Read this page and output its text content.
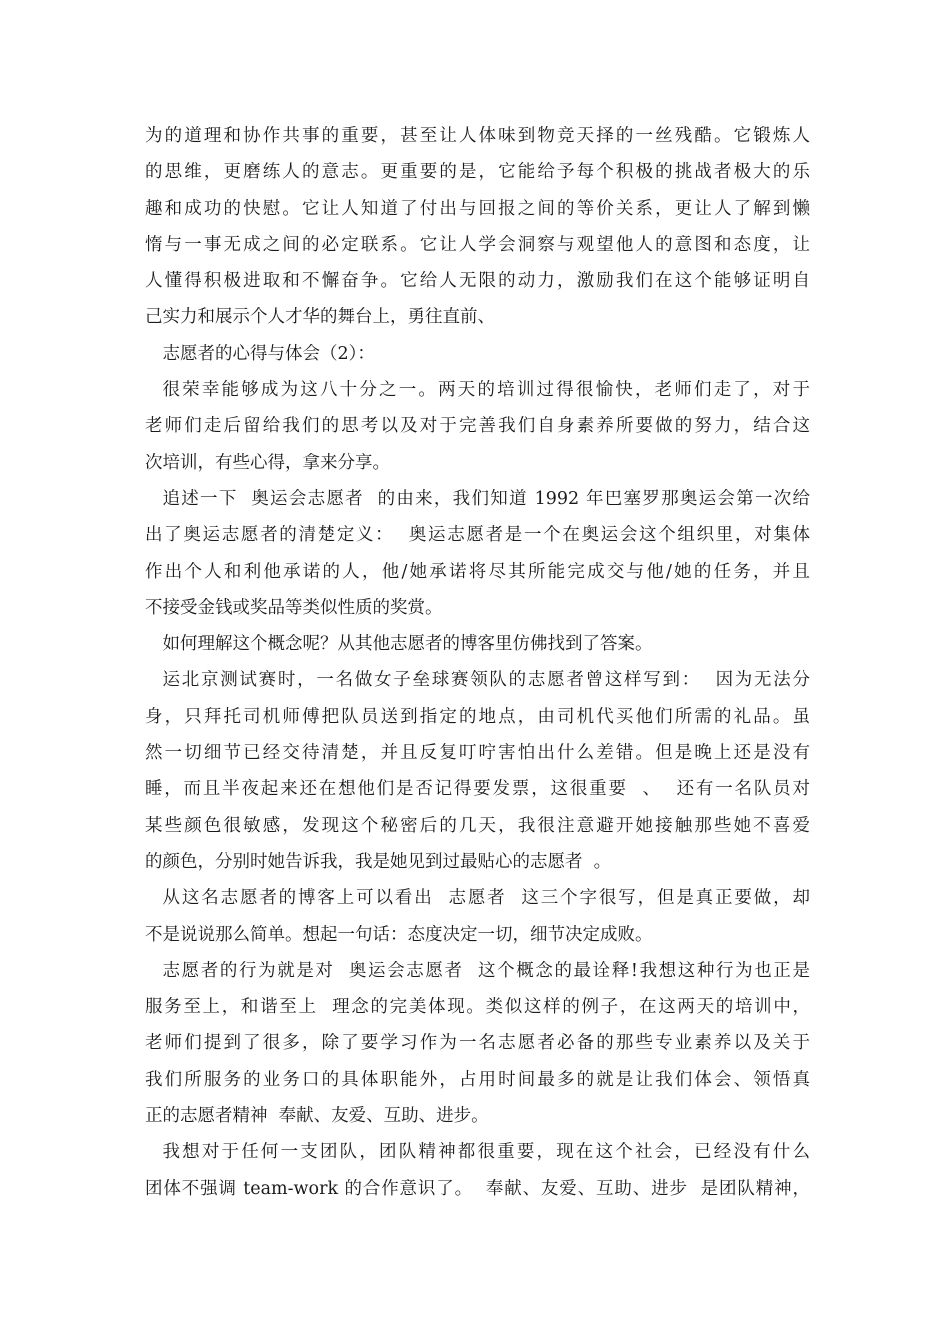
为的道理和协作共事的重要，甚至让人体味到物竞天择的一丝残酷。它锻炼人
的思维，更磨练人的意志。更重要的是，它能给予每个积极的挑战者极大的乐
趣和成功的快慰。它让人知道了付出与回报之间的等价关系，更让人了解到懒
惰与一事无成之间的必定联系。它让人学会洞察与观望他人的意图和态度，让
人懂得积极进取和不懈奋争。它给人无限的动力，激励我们在这个能够证明自
己实力和展示个人才华的舞台上，勇往直前、
志愿者的心得与体会（2）：
很荣幸能够成为这八十分之一。两天的培训过得很愉快，老师们走了，对于
老师们走后留给我们的思考以及对于完善我们自身素养所要做的努力，结合这
次培训，有些心得，拿来分享。
追述一下  奥运会志愿者  的由来，我们知道 1992 年巴塞罗那奥运会第一次给
出了奥运志愿者的清楚定义：  奥运志愿者是一个在奥运会这个组织里，对集体
作出个人和利他承诺的人，他/她承诺将尽其所能完成交与他/她的任务，并且
不接受金钱或奖品等类似性质的奖赏。
如何理解这个概念呢？从其他志愿者的博客里仿佛找到了答案。
运北京测试赛时，一名做女子垒球赛领队的志愿者曾这样写到：  因为无法分
身，只拜托司机师傅把队员送到指定的地点，由司机代买他们所需的礼品。虽
然一切细节已经交待清楚，并且反复叮咛害怕出什么差错。但是晚上还是没有
睡，而且半夜起来还在想他们是否记得要发票，这很重要  、  还有一名队员对
某些颜色很敏感，发现这个秘密后的几天，我很注意避开她接触那些她不喜爱
的颜色，分别时她告诉我，我是她见到过最贴心的志愿者  。
从这名志愿者的博客上可以看出  志愿者  这三个字很写，但是真正要做，却
不是说说那么简单。想起一句话：态度决定一切，细节决定成败。
志愿者的行为就是对  奥运会志愿者  这个概念的最诠释!我想这种行为也正是
服务至上，和谐至上  理念的完美体现。类似这样的例子，在这两天的培训中，
老师们提到了很多，除了要学习作为一名志愿者必备的那些专业素养以及关于
我们所服务的业务口的具体职能外，占用时间最多的就是让我们体会、领悟真
正的志愿者精神  奉献、友爱、互助、进步。
我想对于任何一支团队，团队精神都很重要，现在这个社会，已经没有什么
团体不强调 team-work 的合作意识了。  奉献、友爱、互助、进步  是团队精神，
